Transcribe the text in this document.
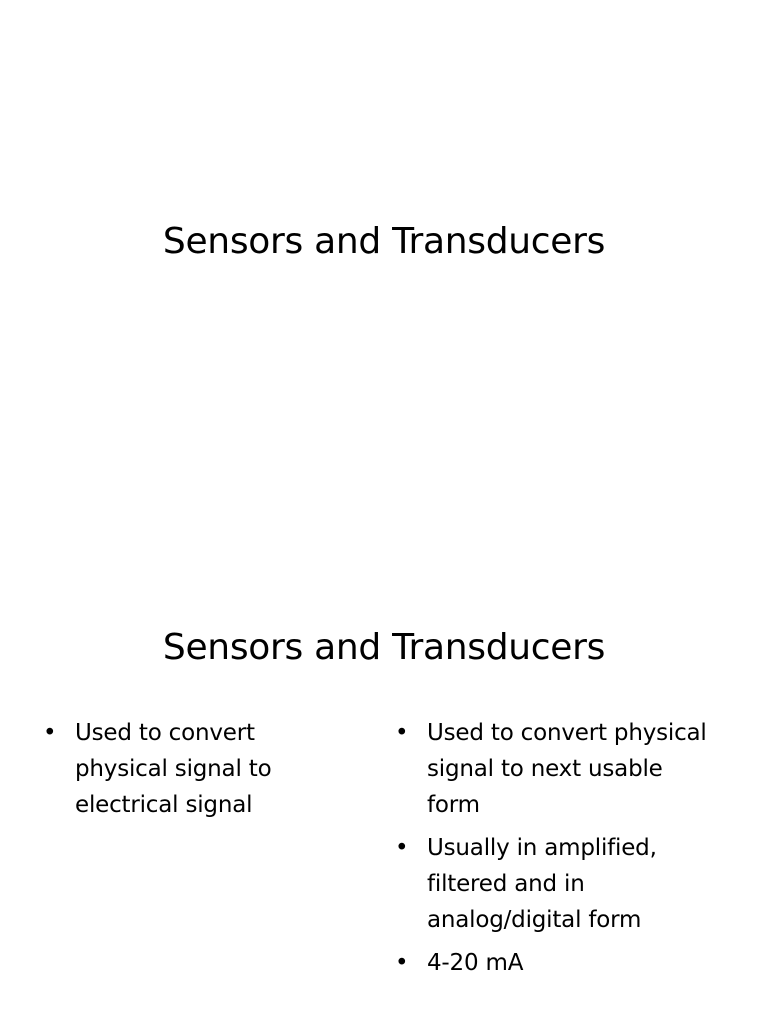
Sensors and Transducers
Sensors and Transducers
• Used to convert physical signal to electrical signal
• Used to convert physical signal to next usable form
• Usually in amplified, filtered and in analog/digital form
• 4-20 mA
